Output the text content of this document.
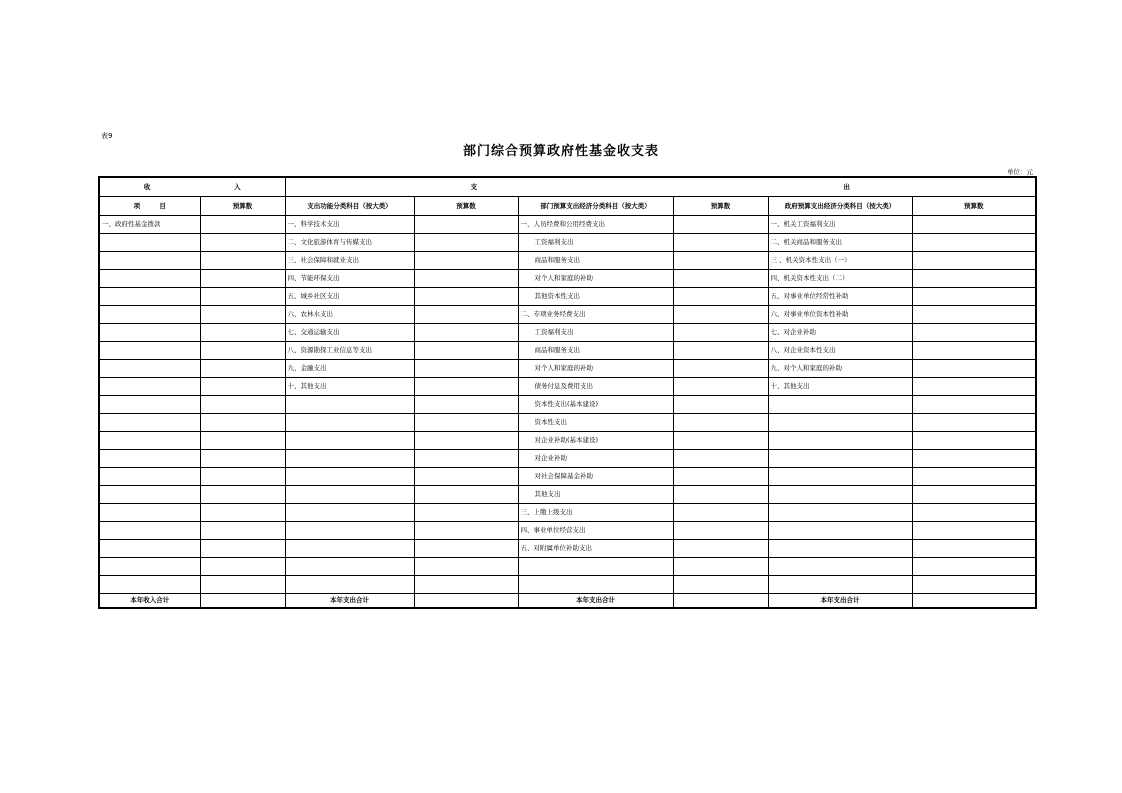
表9
部门综合预算政府性基金收支表
单位：元
收 入		支 出					

项 目	预算数	支出功能分类科目（按大类）	预算数	部门预算支出经济分类科目（按大类）	预算数	政府预算支出经济分类科目（按大类）	预算数
一、政府性基金拨款		一、科学技术支出		一、人员经费和公用经费支出		一、机关工资福利支出	
		二、文化旅游体育与传媒支出		工资福利支出		二、机关商品和服务支出	
		三、社会保障和就业支出		商品和服务支出		三 、机关资本性支出（一）	
		四、节能环保支出		对个人和家庭的补助		四、机关资本性支出（二）	
		五、城乡社区支出		其他资本性支出		五、对事业单位经常性补助	
		六、农林水支出		二、专项业务经费支出		六、对事业单位资本性补助	
		七、交通运输支出		工资福利支出		七、对企业补助	
		八、资源勘探工业信息等支出		商品和服务支出		八、对企业资本性支出	
		九、金融支出		对个人和家庭的补助		九、对个人和家庭的补助	
		十、其他支出		债务付息及费用支出		十、其他支出	
				资本性支出(基本建设)			
				资本性支出			
				对企业补助(基本建设)			
				对企业补助			
				对社会保障基金补助			
				其他支出			
				三、上缴上级支出			
				四、事业单位经营支出			
				五、对附属单位补助支出			

本年收入合计		本年支出合计		本年支出合计		本年支出合计	
